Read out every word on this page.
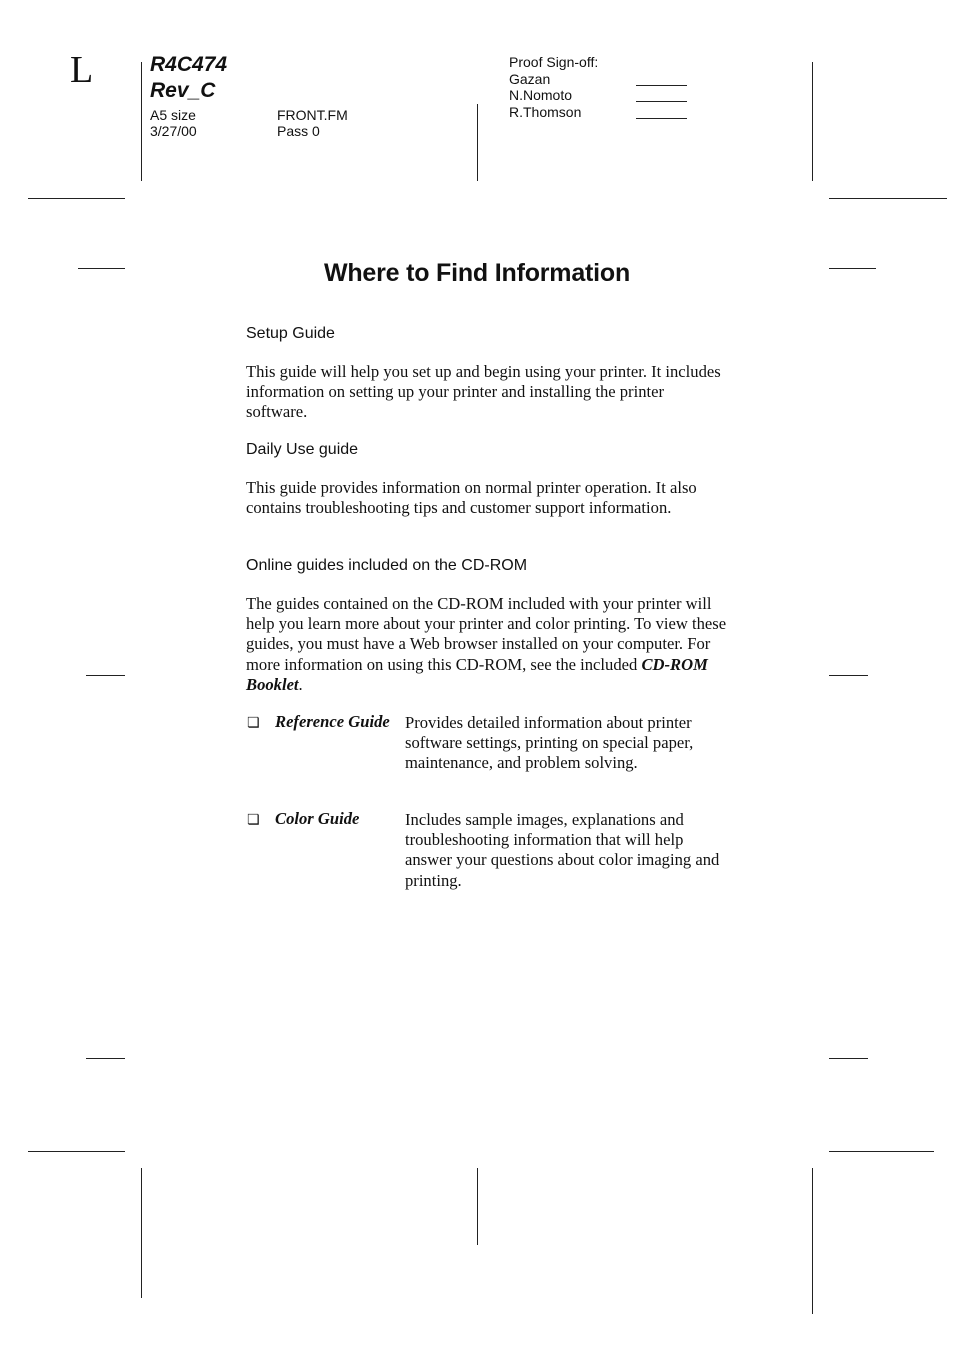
L	R4C474
Rev_C
A5 size
3/27/00
FRONT.FM
Pass 0
Proof Sign-off:
Gazan
N.Nomoto
R.Thomson
Where to Find Information
Setup Guide
This guide will help you set up and begin using your printer. It includes information on setting up your printer and installing the printer software.
Daily Use guide
This guide provides information on normal printer operation. It also contains troubleshooting tips and customer support information.
Online guides included on the CD-ROM
The guides contained on the CD-ROM included with your printer will help you learn more about your printer and color printing. To view these guides, you must have a Web browser installed on your computer. For more information on using this CD-ROM, see the included CD-ROM Booklet.
❏ Reference Guide Provides detailed information about printer software settings, printing on special paper, maintenance, and problem solving.
❏ Color Guide	Includes sample images, explanations and troubleshooting information that will help answer your questions about color imaging and printing.
